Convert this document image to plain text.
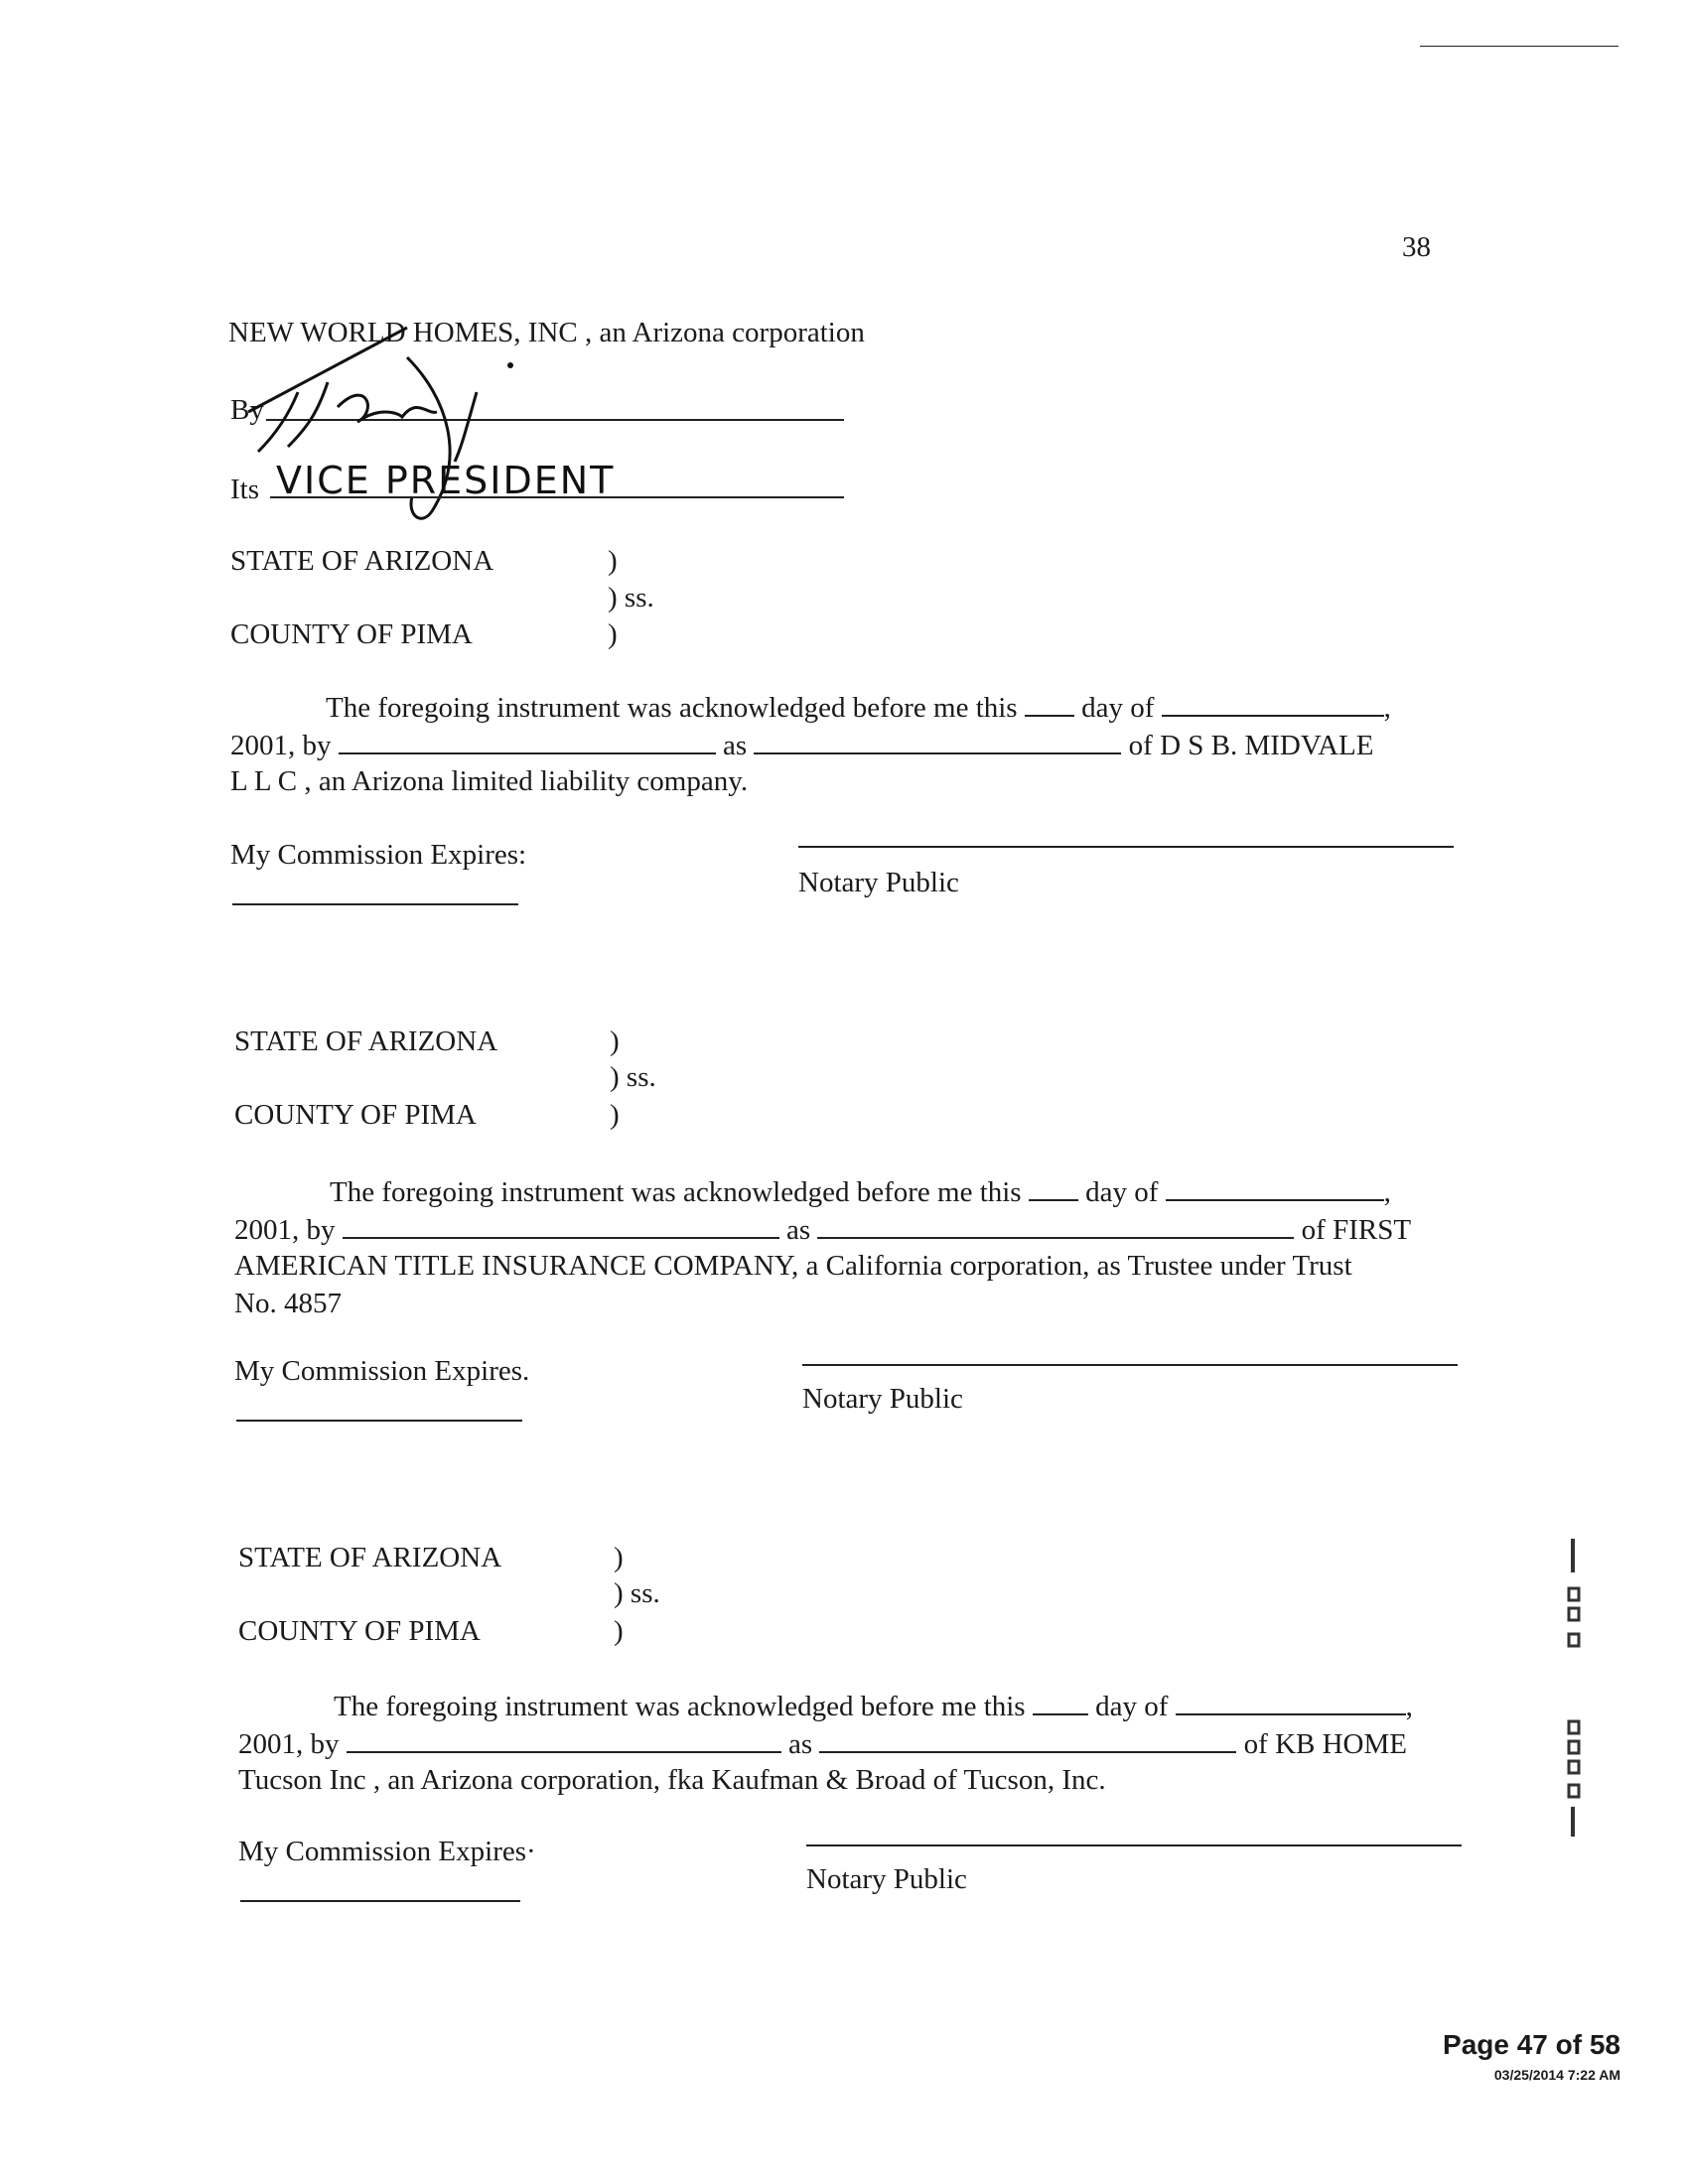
38
NEW WORLD HOMES, INC , an Arizona corporation
By
Its VICE PRESIDENT
STATE OF ARIZONA	)
) ss.
COUNTY OF PIMA	)
The foregoing instrument was acknowledged before me this day of	,
2001, by	as	of D S B. MIDVALE
L L C , an Arizona limited liability company.
My Commission Expires:
Notary Public
STATE OF ARIZONA	)
) ss.
COUNTY OF PIMA	)
The foregoing instrument was acknowledged before me this day of	,
2001, by	as	of FIRST
AMERICAN TITLE INSURANCE COMPANY, a California corporation, as Trustee under Trust
No. 4857
My Commission Expires.
Notary Public
STATE OF ARIZONA	)
) ss.
COUNTY OF PIMA	)
The foregoing instrument was acknowledged before me this day of	,
2001, by	as	of KB HOME
Tucson Inc , an Arizona corporation, fka Kaufman & Broad of Tucson, Inc.
My Commission Expires·
Notary Public
Page 47 of 58
03/25/2014 7:22 AM
